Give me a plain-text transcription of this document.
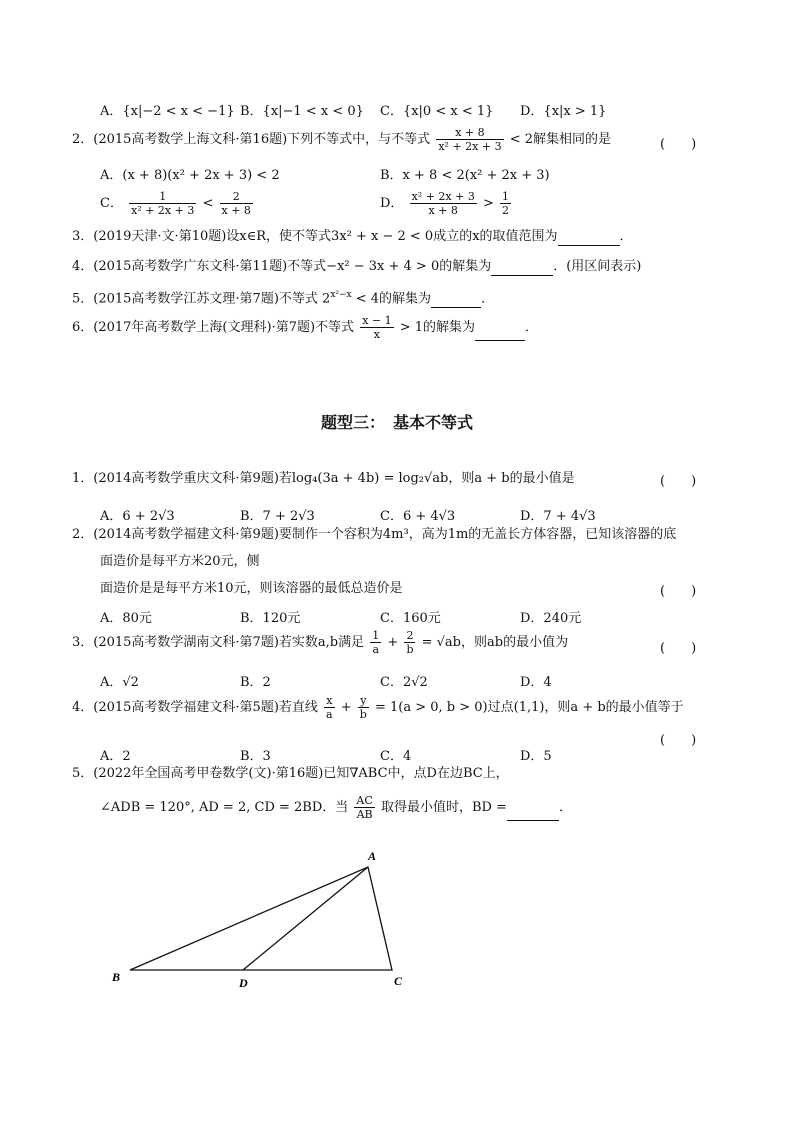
A．{x|−2 < x < −1} B．{x|−1 < x < 0} C．{x|0 < x < 1} D．{x|x > 1}
2．(2015高考数学上海文科·第16题)下列不等式中，与不等式 $\frac{x + 8}{\text{x² + 2x + 3}} < 2$解集相同的是	(　　)
A．(x + 8)(x² + 2x + 3) < 2	B．x + 8 < 2(x² + 2x + 3)
C． $\frac{1}{\text{x² + 2x + 3}} < \frac{2}{x + 8}$	D． $\frac{\text{x² + 2x + 3}}{x + 8} > \frac{1}{2}$
3．(2019天津·文·第10题)设x∈R，使不等式3x² + x − 2 < 0成立的x的取值范围为	．
4．(2015高考数学广东文科·第11题)不等式−x² − 3x + 4 > 0的解集为	．(用区间表示)
5．(2015高考数学江苏文理·第7题)不等式 $2^{x^2-x} < 4$的解集为	．
6．(2017年高考数学上海(文理科)·第7题)不等式 $\frac{x - 1}{x} > 1$的解集为	．
题型三：　基本不等式
1．(2014高考数学重庆文科·第9题)若log₄(3a + 4b) = log₂√ab，则a + b的最小值是	(　　)
A．6 + 2√3	B．7 + 2√3	C．6 + 4√3	D．7 + 4√3
2．(2014高考数学福建文科·第9题)要制作一个容积为4m³，高为1m的无盖长方体容器，已知该溶器的底
面造价是每平方米20元，侧
面造价是是每平方米10元，则该溶器的最低总造价是	(　　)
A．80元	B．120元	C．160元	D．240元
3．(2015高考数学湖南文科·第7题)若实数a,b满足 $\frac{1}{a} + \frac{2}{b} = √ab$，则ab的最小值为	(　　)
A．√2	B．2	C．2√2	D．4
4．(2015高考数学福建文科·第5题)若直线 $\frac{x}{a} + \frac{y}{b} = 1(a > 0$, b > 0)过点(1,1)，则a + b的最小值等于
(　　)
A．2	B．3	C．4	D．5
5．(2022年全国高考甲卷数学(文)·第16题)已知∇ABC中，点D在边BC上，
∠ADB = 120°, AD = 2, CD = 2BD．当 $\frac{AC}{AB}$ 取得最小值时，BD =	．
A
B	C
D
